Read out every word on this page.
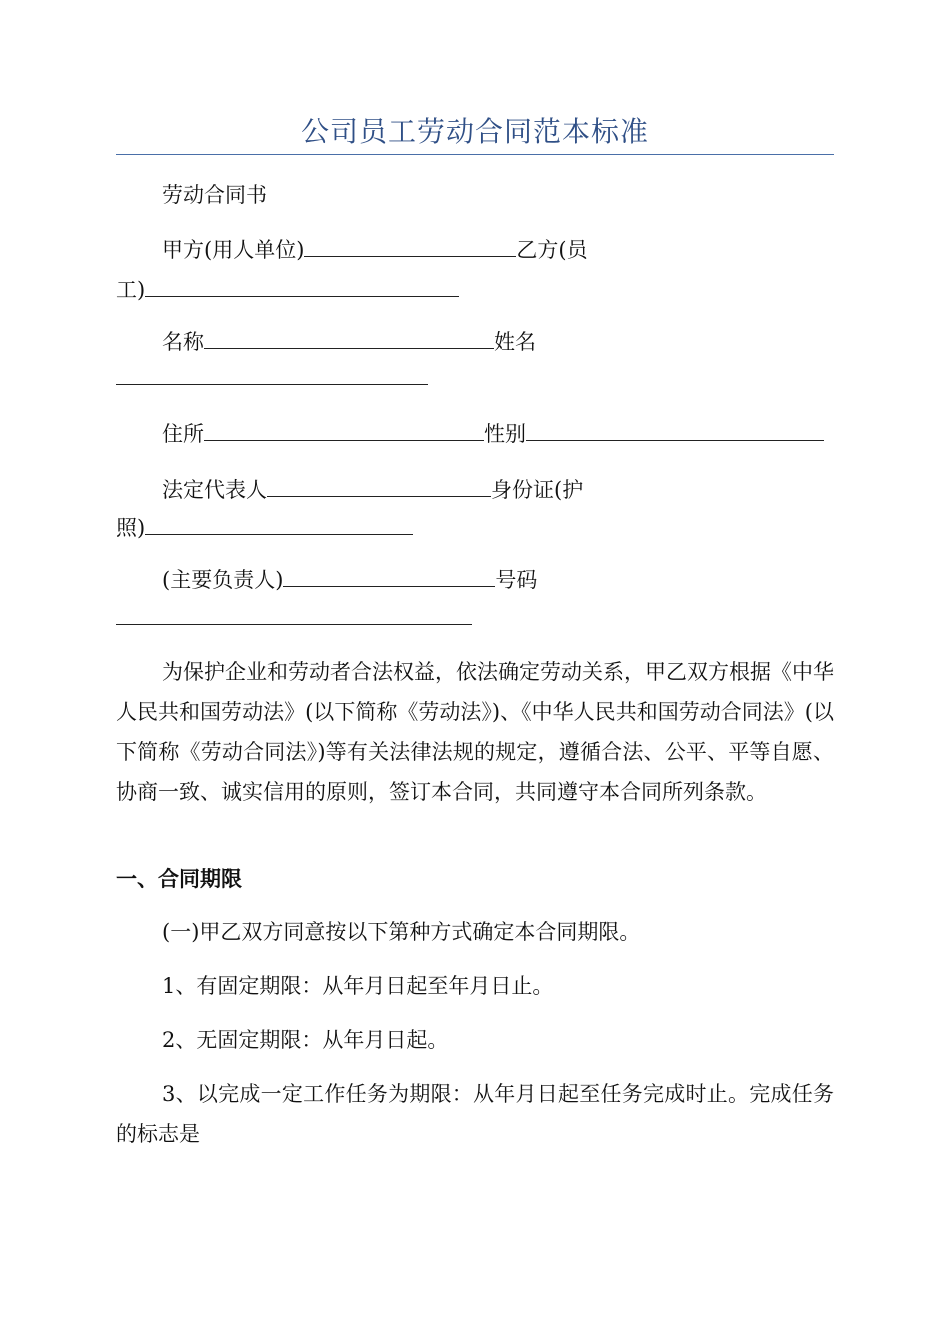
公司员工劳动合同范本标准
劳动合同书
甲方(用人单位)	乙方(员
工)
名称	姓名
住所	性别
法定代表人	身份证(护
照)
(主要负责人)	号码
为保护企业和劳动者合法权益，依法确定劳动关系，甲乙双方根据《中华人民共和国劳动法》(以下简称《劳动法》)、《中华人民共和国劳动合同法》(以下简称《劳动合同法》)等有关法律法规的规定，遵循合法、公平、平等自愿、协商一致、诚实信用的原则，签订本合同，共同遵守本合同所列条款。
一、合同期限
(一)甲乙双方同意按以下第种方式确定本合同期限。
1、有固定期限：从年月日起至年月日止。
2、无固定期限：从年月日起。
3、以完成一定工作任务为期限：从年月日起至任务完成时止。完成任务的标志是
